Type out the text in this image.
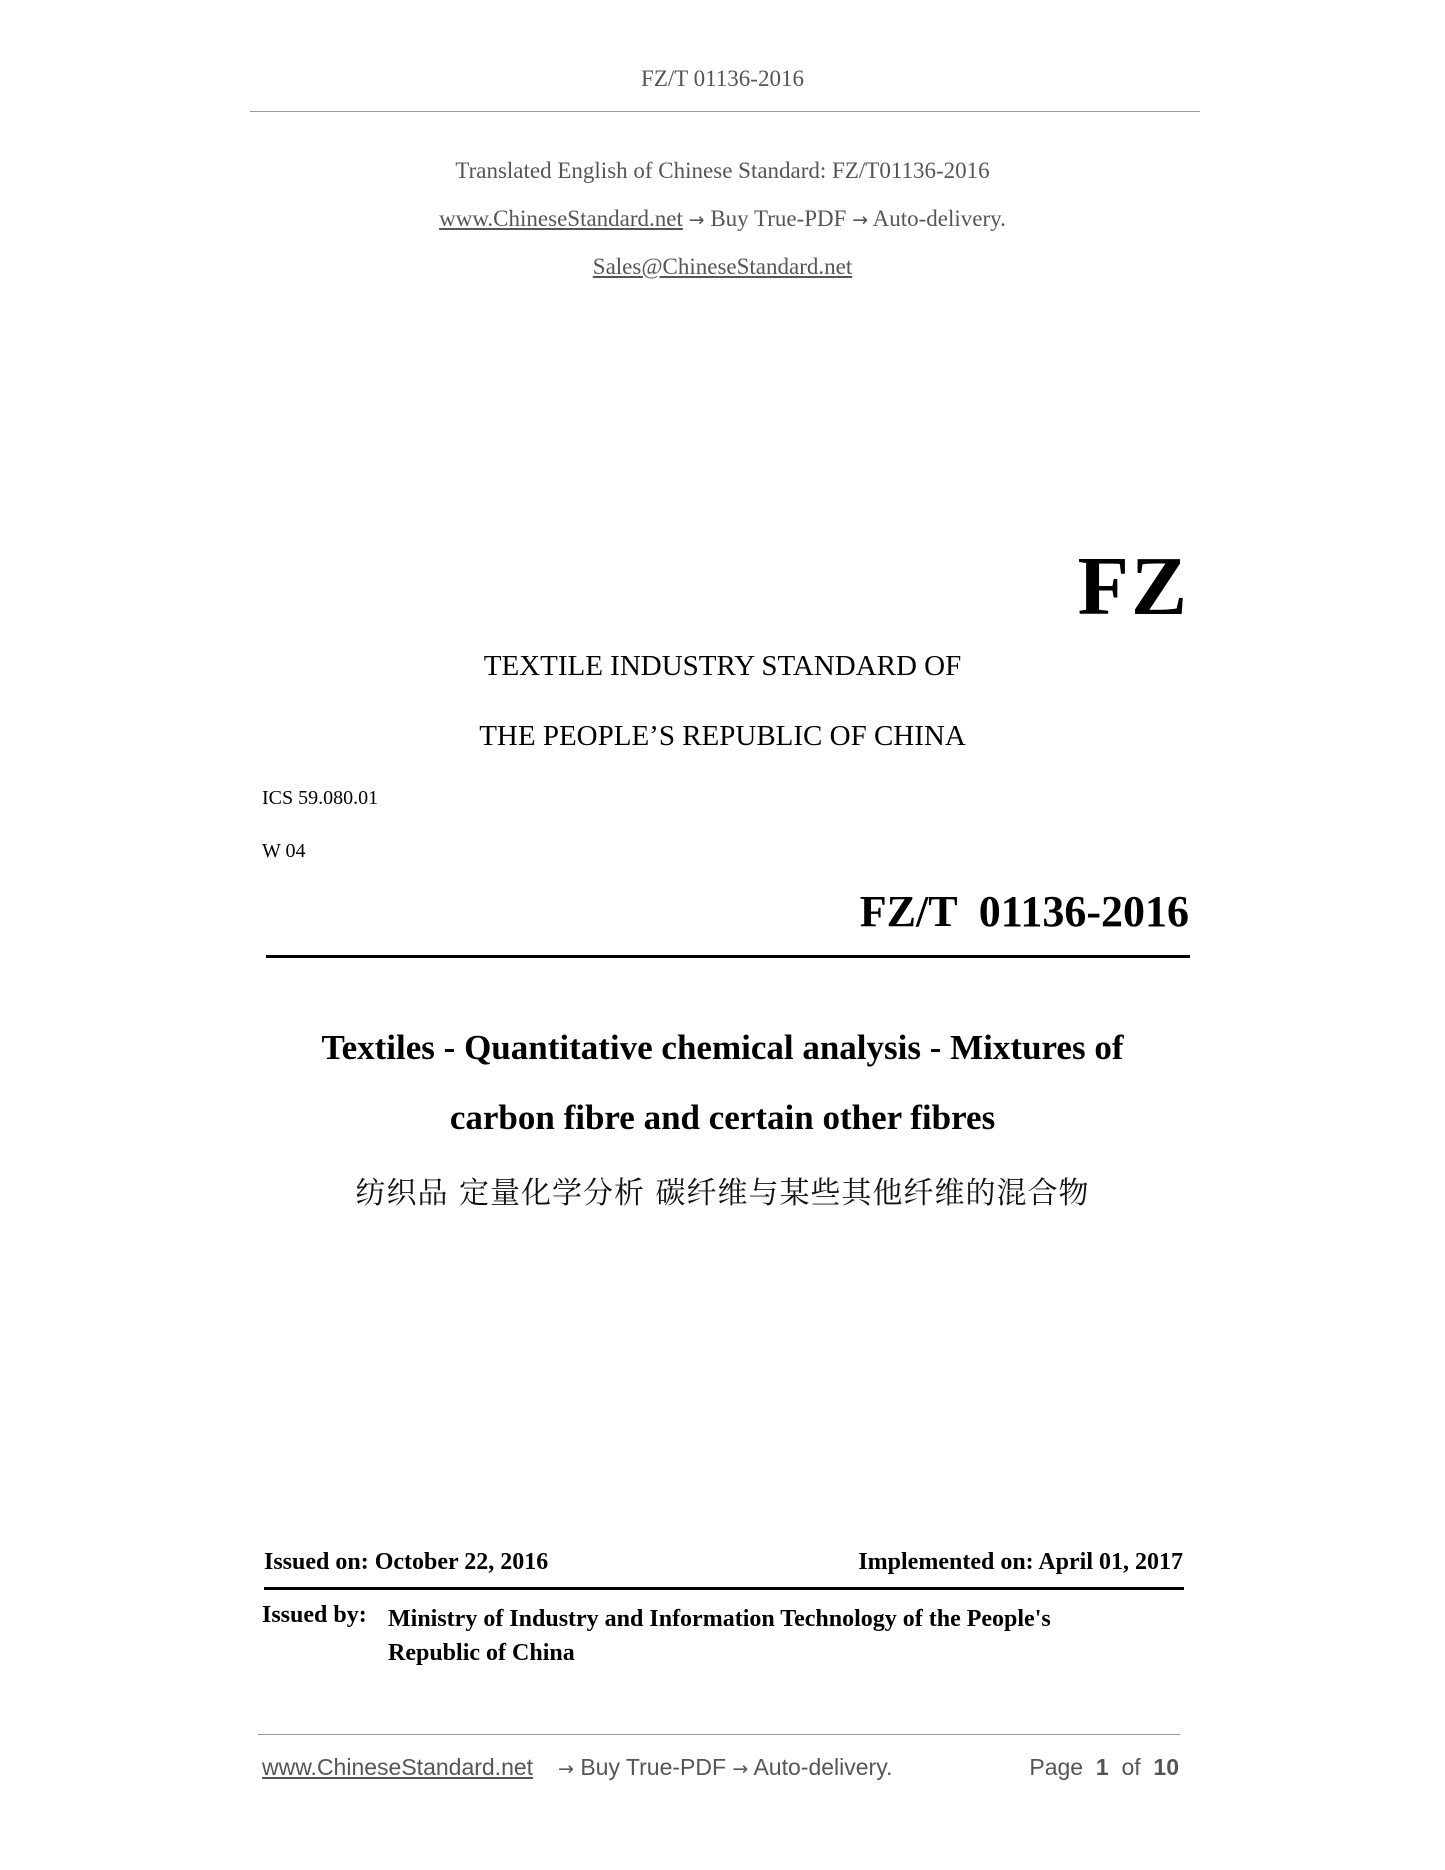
FZ/T 01136-2016
Translated English of Chinese Standard: FZ/T01136-2016
www.ChineseStandard.net → Buy True-PDF → Auto-delivery.
Sales@ChineseStandard.net
FZ
TEXTILE INDUSTRY STANDARD OF
THE PEOPLE’S REPUBLIC OF CHINA
ICS 59.080.01
W 04
FZ/T  01136-2016
Textiles - Quantitative chemical analysis - Mixtures of
carbon fibre and certain other fibres
纺织品 定量化学分析 碳纤维与某些其他纤维的混合物
Issued on: October 22, 2016	Implemented on: April 01, 2017
Issued by: Ministry of Industry and Information Technology of the People's
Republic of China
www.ChineseStandard.net → Buy True-PDF → Auto-delivery.	Page 1 of 10
